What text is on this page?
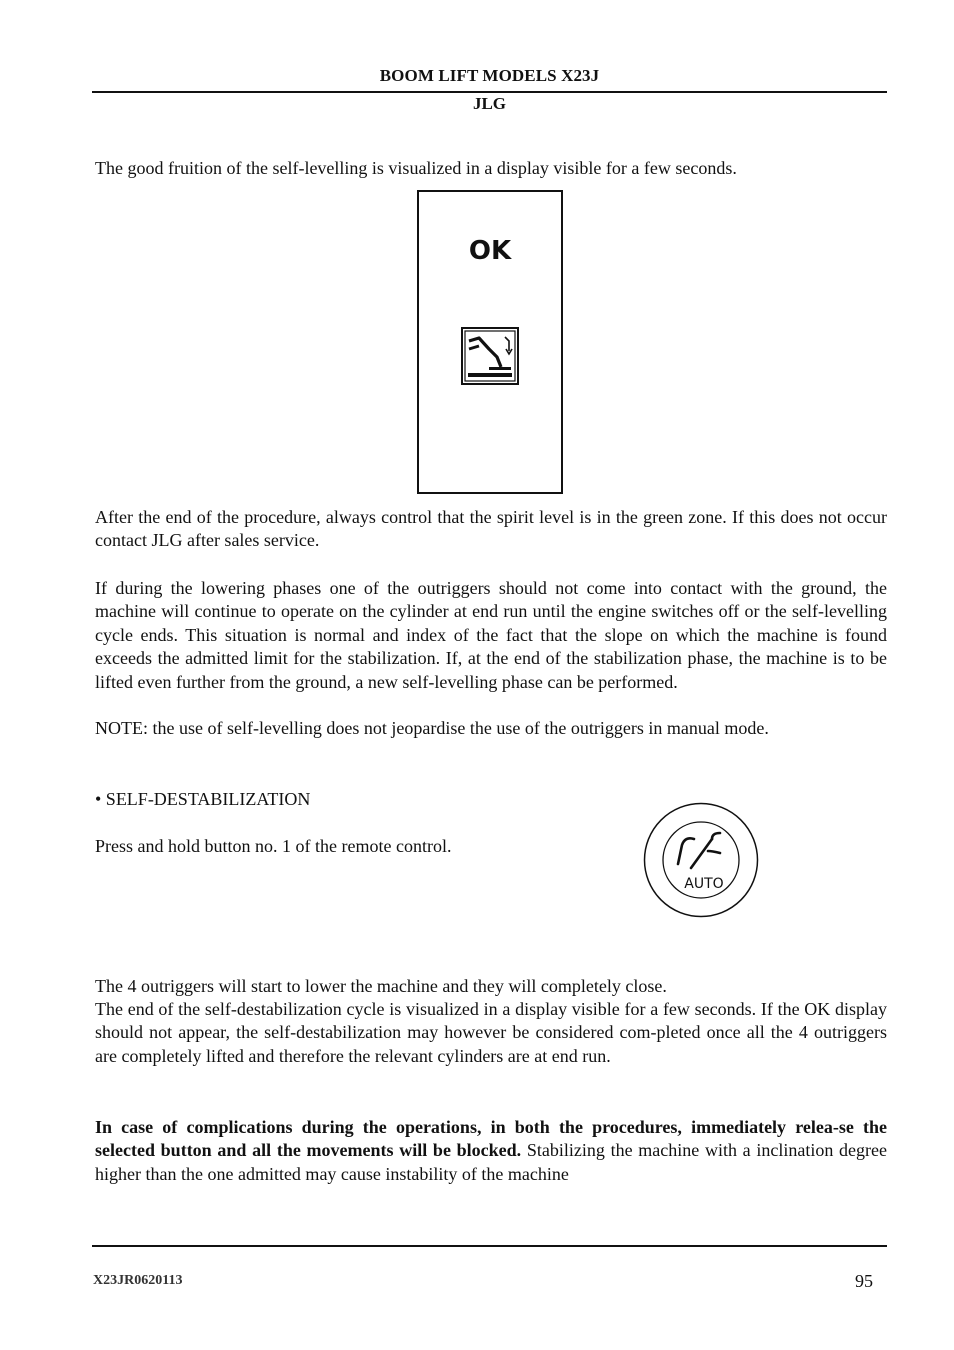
BOOM LIFT MODELS X23J
JLG
The good fruition of the self-levelling is visualized in a display visible for a few seconds.
OK
After the end of the procedure, always control that the spirit level is in the green zone. If this does not occur contact JLG after sales service.
If during the lowering phases one of the outriggers should not come into contact with the ground, the machine will continue to operate on the cylinder at end run until the engine switches off or the self-levelling cycle ends. This situation is normal and index of the fact that the slope on which the machine is found exceeds the admitted limit for the stabilization. If, at the end of the stabilization phase, the machine is to be lifted even further from the ground, a new self-levelling phase can be performed.
NOTE: the use of self-levelling does not jeopardise the use of the outriggers in manual mode.
• SELF-DESTABILIZATION
Press and hold button no. 1 of the remote control.
AUTO
The 4 outriggers will start to lower the machine and they will completely close.
The end of the self-destabilization cycle is visualized in a display visible for a few seconds. If the OK display should not appear, the self-destabilization may however be considered com-pleted once all the 4 outriggers are completely lifted and therefore the relevant cylinders are at end run.
In case of complications during the operations, in both the procedures, immediately relea-se the selected button and all the movements will be blocked. Stabilizing the machine with a inclination degree higher than the one admitted may cause instability of the machine
X23JR0620113	95
